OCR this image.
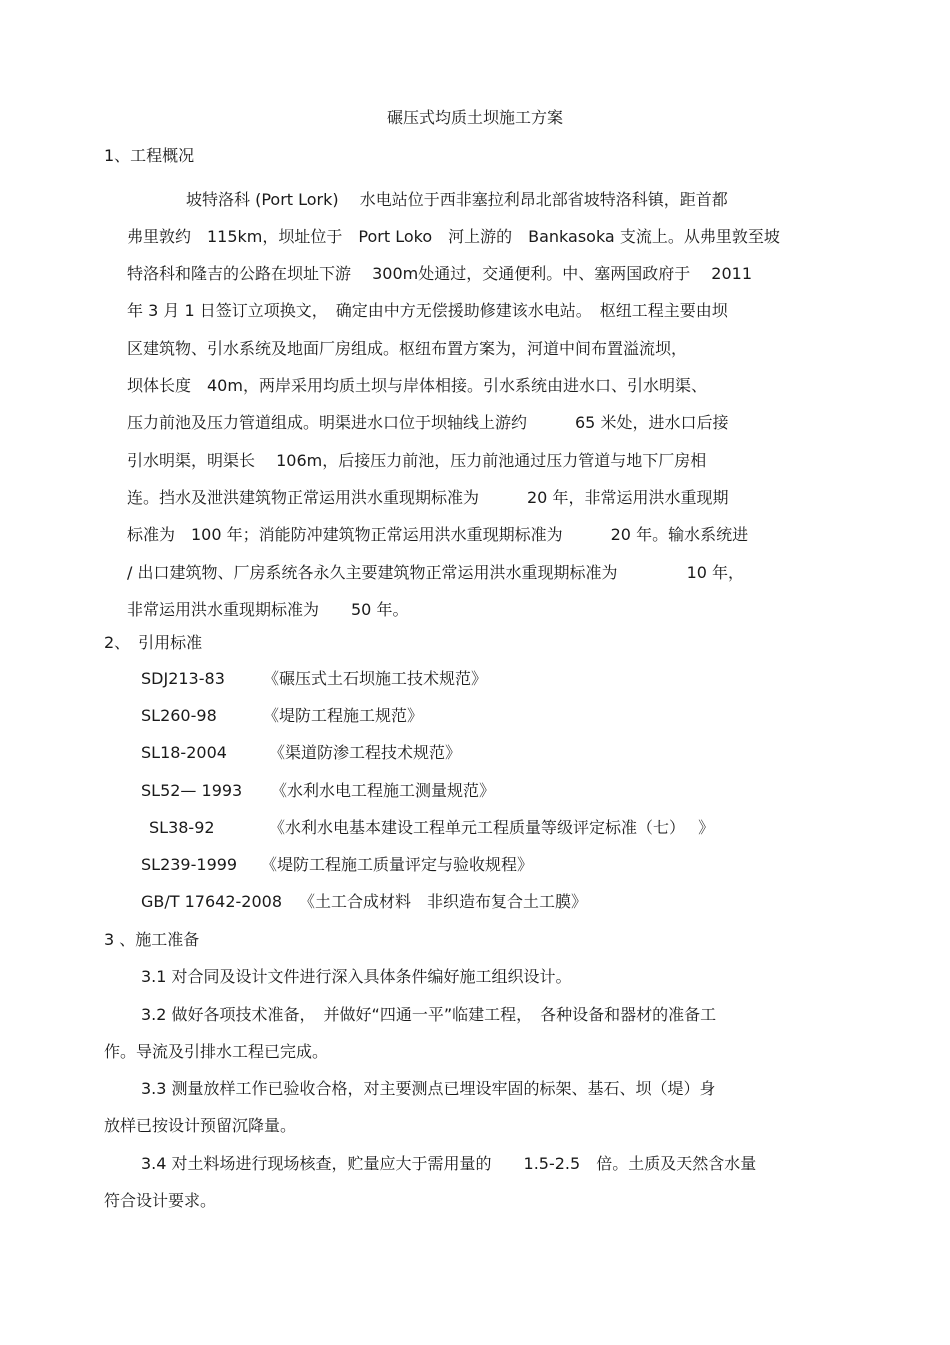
碾压式均质土坝施工方案
1、工程概况
坡特洛科 (Port Lork)　 水电站位于西非塞拉利昂北部省坡特洛科镇，距首都
弗里敦约　115km，坝址位于　Port Loko　河上游的　Bankasoka 支流上。从弗里敦至坡
特洛科和隆吉的公路在坝址下游　 300m处通过，交通便利。中、塞两国政府于　 2011
年 3 月 1 日签订立项换文，　确定由中方无偿援助修建该水电站。　枢纽工程主要由坝
区建筑物、引水系统及地面厂房组成。枢纽布置方案为，河道中间布置溢流坝，
坝体长度　40m，两岸采用均质土坝与岸体相接。引水系统由进水口、引水明渠、
压力前池及压力管道组成。明渠进水口位于坝轴线上游约　　　65 米处，进水口后接
引水明渠，明渠长　 106m，后接压力前池，压力前池通过压力管道与地下厂房相
连。挡水及泄洪建筑物正常运用洪水重现期标准为　　　20 年，非常运用洪水重现期
标准为　100 年；消能防冲建筑物正常运用洪水重现期标准为　　　20 年。输水系统进
/ 出口建筑物、厂房系统各永久主要建筑物正常运用洪水重现期标准为　　　　 10 年，
非常运用洪水重现期标准为　　50 年。
2、　引用标准
SDJ213-83 《碾压式土石坝施工技术规范》
SL260-98	《堤防工程施工规范》
SL18-2004	《渠道防渗工程技术规范》
SL52— 1993 《水利水电工程施工测量规范》
SL38-92	《水利水电基本建设工程单元工程质量等级评定标准（七）　 》
SL239-1999 《堤防工程施工质量评定与验收规程》
GB/T 17642-2008 《土工合成材料　非织造布复合土工膜》
3 、施工准备
3.1 对合同及设计文件进行深入具体条件编好施工组织设计。
3.2 做好各项技术准备，　并做好“四通一平”临建工程，　各种设备和器材的准备工
作。导流及引排水工程已完成。
3.3 测量放样工作已验收合格，对主要测点已埋设牢固的标架、基石、坝（堤）身
放样已按设计预留沉降量。
3.4 对土料场进行现场核查，贮量应大于需用量的　　1.5-2.5　倍。土质及天然含水量
符合设计要求。
